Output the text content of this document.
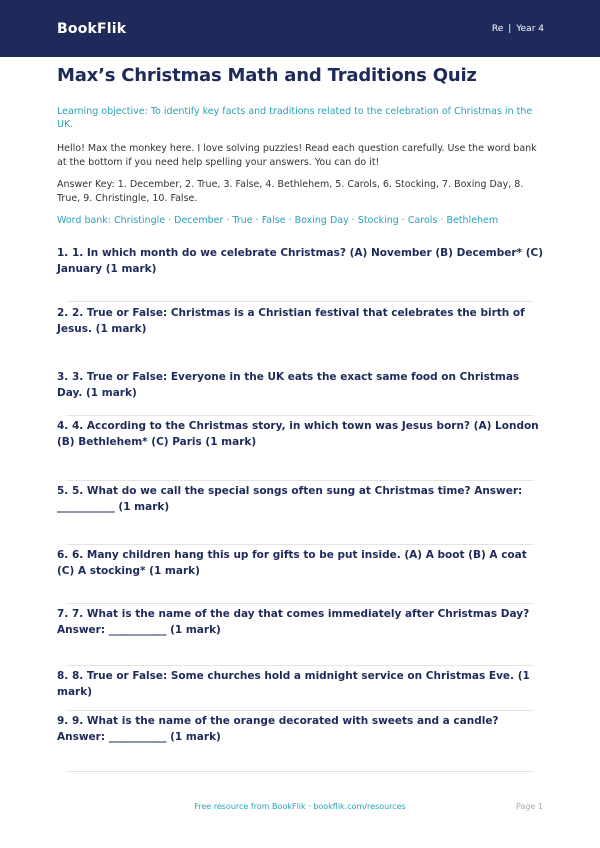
BookFlik	Re | Year 4
Max’s Christmas Math and Traditions Quiz

Learning objective: To identify key facts and traditions related to the celebration of Christmas in the UK.

Hello! Max the monkey here. I love solving puzzles! Read each question carefully. Use the word bank at the bottom if you need help spelling your answers. You can do it!

Answer Key: 1. December, 2. True, 3. False, 4. Bethlehem, 5. Carols, 6. Stocking, 7. Boxing Day, 8. True, 9. Christingle, 10. False.

Word bank: Christingle · December · True · False · Boxing Day · Stocking · Carols · Bethlehem

1. 1. In which month do we celebrate Christmas? (A) November (B) December* (C) January (1 mark)

2. 2. True or False: Christmas is a Christian festival that celebrates the birth of Jesus. (1 mark)

3. 3. True or False: Everyone in the UK eats the exact same food on Christmas Day. (1 mark)

4. 4. According to the Christmas story, in which town was Jesus born? (A) London (B) Bethlehem* (C) Paris (1 mark)

5. 5. What do we call the special songs often sung at Christmas time? Answer: ___________ (1 mark)

6. 6. Many children hang this up for gifts to be put inside. (A) A boot (B) A coat (C) A stocking* (1 mark)

7. 7. What is the name of the day that comes immediately after Christmas Day? Answer: ___________ (1 mark)

8. 8. True or False: Some churches hold a midnight service on Christmas Eve. (1 mark)

9. 9. What is the name of the orange decorated with sweets and a candle? Answer: ___________ (1 mark)

Free resource from BookFlik · bookflik.com/resources	Page 1
